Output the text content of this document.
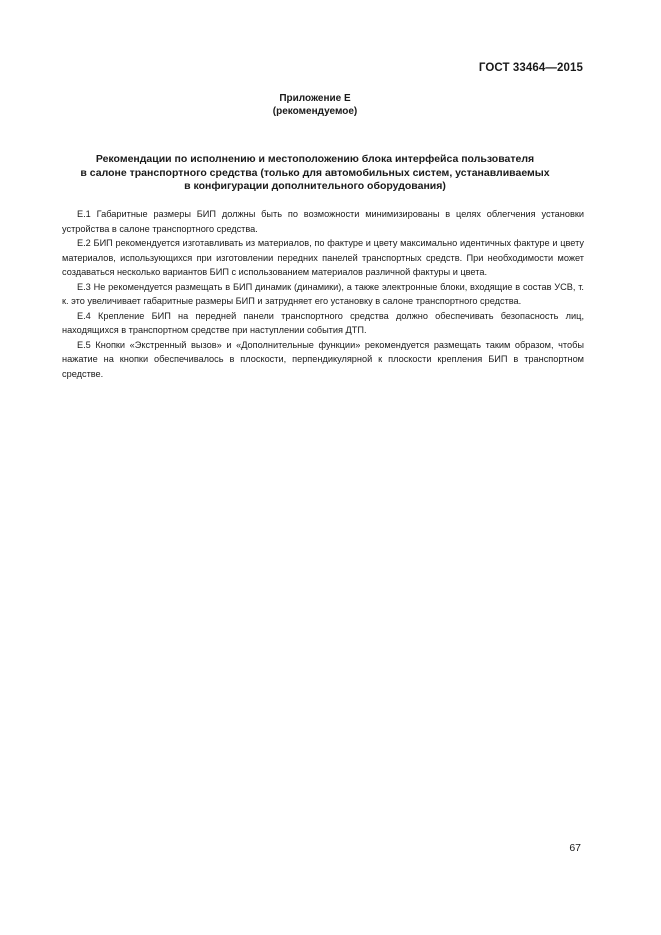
ГОСТ 33464—2015
Приложение Е
(рекомендуемое)
Рекомендации по исполнению и местоположению блока интерфейса пользователя
в салоне транспортного средства (только для автомобильных систем, устанавливаемых
в конфигурации дополнительного оборудования)

Е.1 Габаритные размеры БИП должны быть по возможности минимизированы в целях облегчения установки устройства в салоне транспортного средства.

Е.2 БИП рекомендуется изготавливать из материалов, по фактуре и цвету максимально идентичных фактуре и цвету материалов, использующихся при изготовлении передних панелей транспортных средств. При необходимости может создаваться несколько вариантов БИП с использованием материалов различной фактуры и цвета.

Е.3 Не рекомендуется размещать в БИП динамик (динамики), а также электронные блоки, входящие в состав УСВ, т. к. это увеличивает габаритные размеры БИП и затрудняет его установку в салоне транспортного средства.

Е.4 Крепление БИП на передней панели транспортного средства должно обеспечивать безопасность лиц, находящихся в транспортном средстве при наступлении события ДТП.

Е.5 Кнопки «Экстренный вызов» и «Дополнительные функции» рекомендуется размещать таким образом, чтобы нажатие на кнопки обеспечивалось в плоскости, перпендикулярной к плоскости крепления БИП в транспортном средстве.

67
